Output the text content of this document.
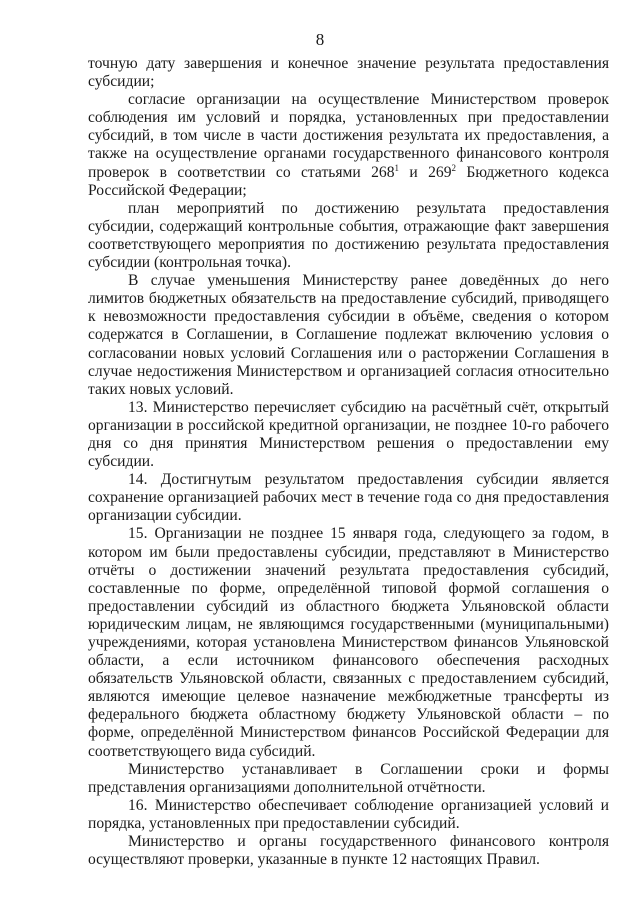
8

точную дату завершения и конечное значение результата предоставления субсидии;

согласие организации на осуществление Министерством проверок соблюдения им условий и порядка, установленных при предоставлении субсидий, в том числе в части достижения результата их предоставления, а также на осуществление органами государственного финансового контроля проверок в соответствии со статьями $268^1$ и $269^2$ Бюджетного кодекса Российской Федерации;

план мероприятий по достижению результата предоставления субсидии, содержащий контрольные события, отражающие факт завершения соответствующего мероприятия по достижению результата предоставления субсидии (контрольная точка).

В случае уменьшения Министерству ранее доведённых до него лимитов бюджетных обязательств на предоставление субсидий, приводящего к невозможности предоставления субсидии в объёме, сведения о котором содержатся в Соглашении, в Соглашение подлежат включению условия о согласовании новых условий Соглашения или о расторжении Соглашения в случае недостижения Министерством и организацией согласия относительно таких новых условий.

13. Министерство перечисляет субсидию на расчётный счёт, открытый организации в российской кредитной организации, не позднее 10-го рабочего дня со дня принятия Министерством решения о предоставлении ему субсидии.

14. Достигнутым результатом предоставления субсидии является сохранение организацией рабочих мест в течение года со дня предоставления организации субсидии.

15. Организации не позднее 15 января года, следующего за годом, в котором им были предоставлены субсидии, представляют в Министерство отчёты о достижении значений результата предоставления субсидий, составленные по форме, определённой типовой формой соглашения о предоставлении субсидий из областного бюджета Ульяновской области юридическим лицам, не являющимся государственными (муниципальными) учреждениями, которая установлена Министерством финансов Ульяновской области, а если источником финансового обеспечения расходных обязательств Ульяновской области, связанных с предоставлением субсидий, являются имеющие целевое назначение межбюджетные трансферты из федерального бюджета областному бюджету Ульяновской области – по форме, определённой Министерством финансов Российской Федерации для соответствующего вида субсидий.

Министерство устанавливает в Соглашении сроки и формы представления организациями дополнительной отчётности.

16. Министерство обеспечивает соблюдение организацией условий и порядка, установленных при предоставлении субсидий.

Министерство и органы государственного финансового контроля осуществляют проверки, указанные в пункте 12 настоящих Правил.
